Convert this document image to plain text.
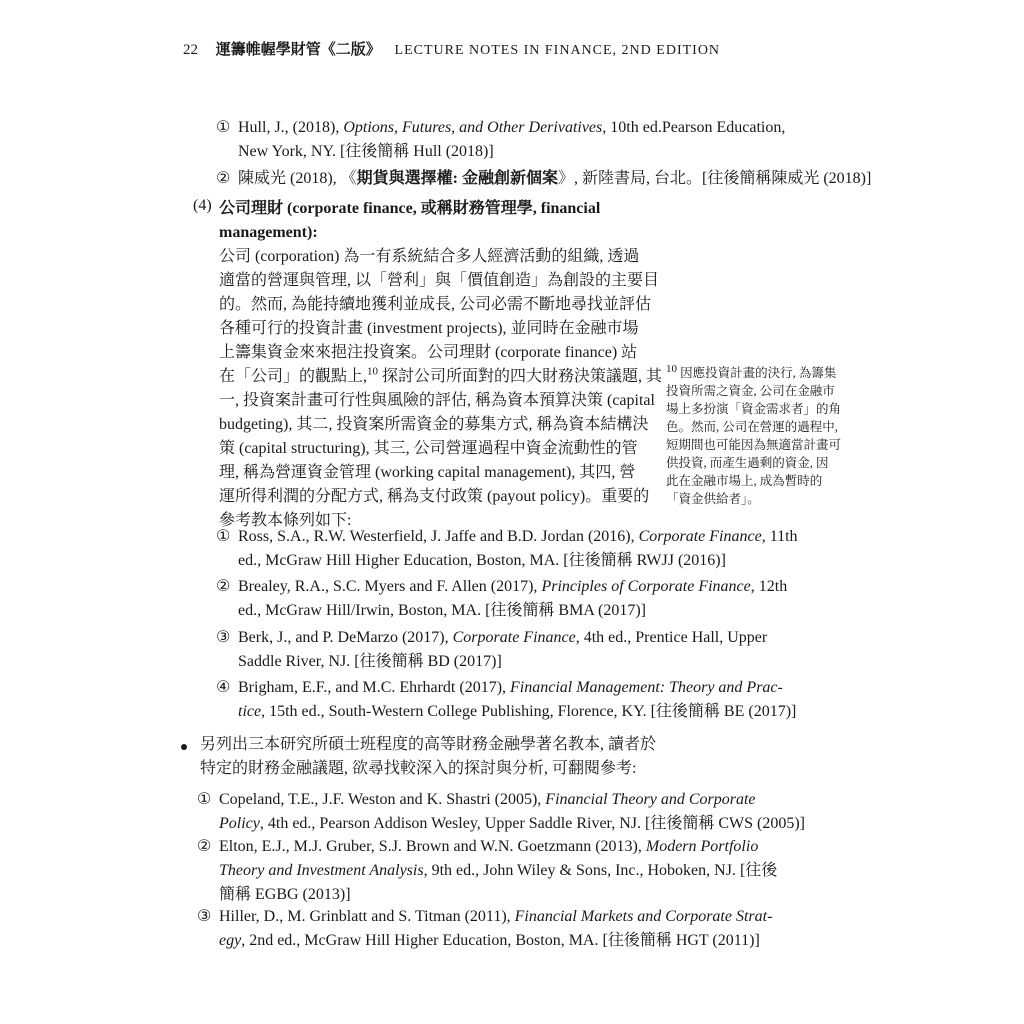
22 運籌帷幄學財管《二版》 LECTURE NOTES IN FINANCE, 2ND EDITION
① Hull, J., (2018), Options, Futures, and Other Derivatives, 10th ed.Pearson Education,
New York, NY. [往後簡稱 Hull (2018)]
② 陳威光 (2018), 《期貨與選擇權: 金融創新個案》, 新陸書局, 台北。[往後簡稱陳威光 (2018)]
(4) 公司理財 (corporate finance, 或稱財務管理學, financial
management):
公司 (corporation) 為一有系統結合多人經濟活動的組織, 透過
適當的營運與管理, 以「營利」與「價值創造」為創設的主要目
的。然而, 為能持續地獲利並成長, 公司必需不斷地尋找並評估
各種可行的投資計畫 (investment projects), 並同時在金融市場
上籌集資金來來挹注投資案。公司理財 (corporate finance) 站
在「公司」的觀點上,$^{10}$ 探討公司所面對的四大財務決策議題, 其
一, 投資案計畫可行性與風險的評估, 稱為資本預算決策 (capital
budgeting), 其二, 投資案所需資金的募集方式, 稱為資本結構決
策 (capital structuring), 其三, 公司營運過程中資金流動性的管
理, 稱為營運資金管理 (working capital management), 其四, 營
運所得利潤的分配方式, 稱為支付政策 (payout policy)。重要的
參考教本條列如下:
$^{10}$ 因應投資計畫的決行, 為籌集
投資所需之資金, 公司在金融市
場上多扮演「資金需求者」的角
色。然而, 公司在營運的過程中,
短期間也可能因為無適當計畫可
供投資, 而產生過剩的資金, 因
此在金融市場上, 成為暫時的
「資金供給者」。
① Ross, S.A., R.W. Westerfield, J. Jaffe and B.D. Jordan (2016), Corporate Finance, 11th
ed., McGraw Hill Higher Education, Boston, MA. [往後簡稱 RWJJ (2016)]
② Brealey, R.A., S.C. Myers and F. Allen (2017), Principles of Corporate Finance, 12th
ed., McGraw Hill/Irwin, Boston, MA. [往後簡稱 BMA (2017)]
③ Berk, J., and P. DeMarzo (2017), Corporate Finance, 4th ed., Prentice Hall, Upper
Saddle River, NJ. [往後簡稱 BD (2017)]
④ Brigham, E.F., and M.C. Ehrhardt (2017), Financial Management: Theory and Prac-
tice, 15th ed., South-Western College Publishing, Florence, KY. [往後簡稱 BE (2017)]
另列出三本研究所碩士班程度的高等財務金融學著名教本, 讀者於
特定的財務金融議題, 欲尋找較深入的探討與分析, 可翻閱參考:
① Copeland, T.E., J.F. Weston and K. Shastri (2005), Financial Theory and Corporate
Policy, 4th ed., Pearson Addison Wesley, Upper Saddle River, NJ. [往後簡稱 CWS (2005)]
② Elton, E.J., M.J. Gruber, S.J. Brown and W.N. Goetzmann (2013), Modern Portfolio
Theory and Investment Analysis, 9th ed., John Wiley & Sons, Inc., Hoboken, NJ. [往後
簡稱 EGBG (2013)]
③ Hiller, D., M. Grinblatt and S. Titman (2011), Financial Markets and Corporate Strat-
egy, 2nd ed., McGraw Hill Higher Education, Boston, MA. [往後簡稱 HGT (2011)]
